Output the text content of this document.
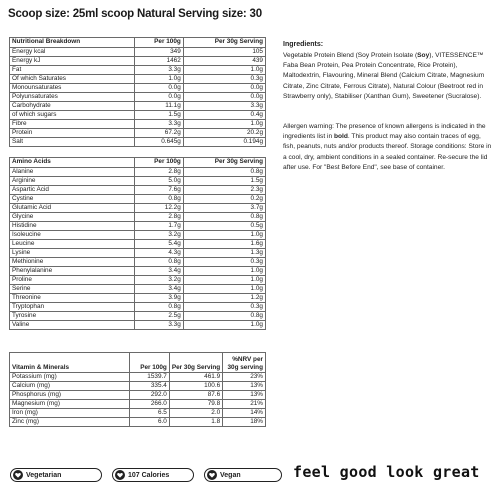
Scoop size: 25ml scoop Natural Serving size: 30
Nutritional Breakdown	Per 100g	Per 30g Serving
Energy kcal	349	105
Energy kJ	1462	439
Fat	3.3g	1.0g
Of which Saturates	1.0g	0.3g
Monounsaturates	0.0g	0.0g
Polyunsaturates	0.0g	0.0g
Carbohydrate	11.1g	3.3g
of which sugars	1.5g	0.4g
Fibre	3.3g	1.0g
Protein	67.2g	20.2g
Salt	0.645g	0.194g
Amino Acids	Per 100g	Per 30g Serving
Alanine	2.8g	0.8g
Arginine	5.0g	1.5g
Aspartic Acid	7.6g	2.3g
Cystine	0.8g	0.2g
Glutamic Acid	12.2g	3.7g
Glycine	2.8g	0.8g
Histidine	1.7g	0.5g
Isoleucine	3.2g	1.0g
Leucine	5.4g	1.6g
Lysine	4.3g	1.3g
Methionine	0.8g	0.3g
Phenylalanine	3.4g	1.0g
Proline	3.2g	1.0g
Serine	3.4g	1.0g
Threonine	3.9g	1.2g
Tryptophan	0.8g	0.3g
Tyrosine	2.5g	0.8g
Valine	3.3g	1.0g
Vitamin & Minerals	Per 100g	Per 30g Serving	%NRV per 30g serving
Potassium (mg)	1539.7	461.9	23%
Calcium (mg)	335.4	100.6	13%
Phosphorus (mg)	292.0	87.6	13%
Magnesium (mg)	266.0	79.8	21%
Iron (mg)	6.5	2.0	14%
Zinc (mg)	6.0	1.8	18%
Ingredients:
Vegetable Protein Blend (Soy Protein Isolate (Soy), VITESSENCE™ Faba Bean Protein, Pea Protein Concentrate, Rice Protein), Maltodextrin, Flavouring, Mineral Blend (Calcium Citrate, Magnesium Citrate, Zinc Citrate, Ferrous Citrate), Natural Colour (Beetroot red in Strawberry only), Stabiliser (Xanthan Gum), Sweetener (Sucralose).
Allergen warning: The presence of known allergens is indicated in the ingredients list in bold. This product may also contain traces of egg, fish, peanuts, nuts and/or products thereof. Storage conditions: Store in a cool, dry, ambient conditions in a sealed container. Re-secure the lid after use. For "Best Before End", see base of container.
Vegetarian	107 Calories	Vegan	feel good look great
